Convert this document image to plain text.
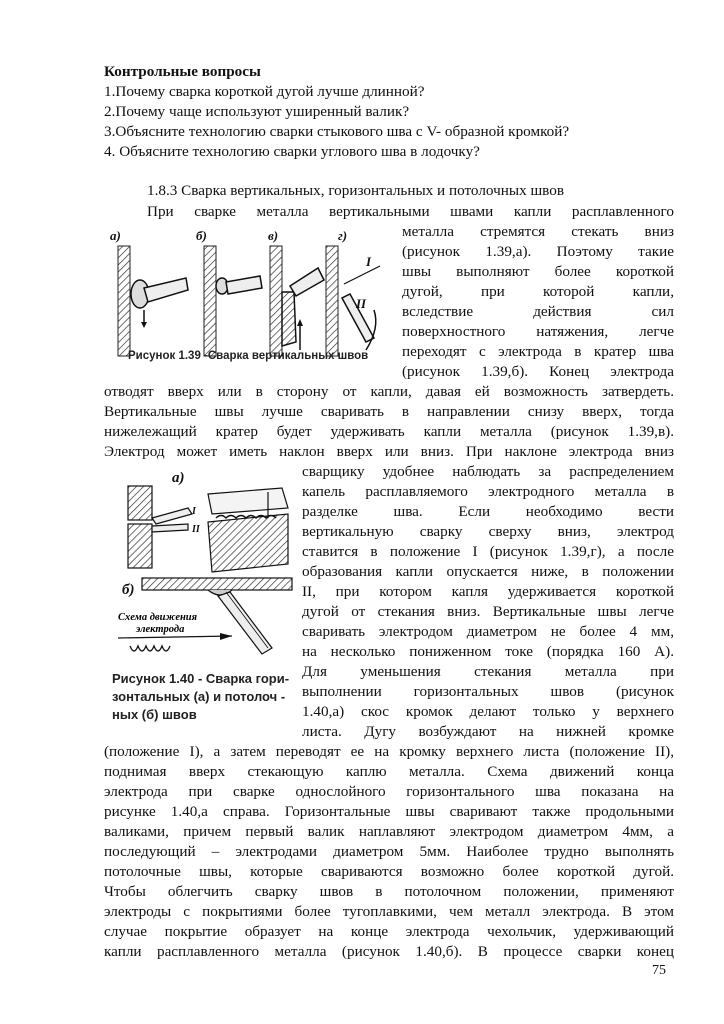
Контрольные вопросы
1.Почему сварка короткой дугой лучше длинной?
2.Почему чаще используют уширенный валик?
3.Объясните технологию сварки стыкового шва с V- образной кромкой?
4. Объясните технологию сварки углового шва в лодочку?
1.8.3 Сварка вертикальных, горизонтальных и потолочных швов
а)	б)	в)	г)
I
II
Рисунок 1.39 -Сварка вертикальных швов
При сварке металла вертикальными швами капли расплавленного
металла стремятся стекать вниз
(рисунок 1.39,а). Поэтому такие
швы выполняют более короткой
дугой, при которой капли,
вследствие действия сил
поверхностного натяжения, легче
переходят с электрода в кратер шва
(рисунок 1.39,б). Конец электрода
отводят вверх или в сторону от капли, давая ей возможность затвердеть.
Вертикальные швы лучше сваривать в направлении снизу вверх, тогда
нижележащий кратер будет удерживать капли металла (рисунок 1.39,в).
Электрод может иметь наклон вверх или вниз. При наклоне электрода вниз
сварщику удобнее наблюдать за распределением
капель расплавляемого электродного металла в
разделке шва. Если необходимо вести
вертикальную сварку сверху вниз, электрод
ставится в положение I (рисунок 1.39,г), а после
образования капли опускается ниже, в положении
II, при котором капля удерживается короткой
дугой от стекания вниз. Вертикальные швы легче
сваривать электродом диаметром не более 4 мм,
на несколько пониженном токе (порядка 160 А).
Для уменьшения стекания металла при
выполнении горизонтальных швов (рисунок
1.40,а) скос кромок делают только у верхнего
листа. Дугу возбуждают на нижней кромке
(положение I), а затем переводят ее на кромку верхнего листа (положение II),
поднимая вверх стекающую каплю металла. Схема движений конца
электрода при сварке однослойного горизонтального шва показана на
рисунке 1.40,а справа. Горизонтальные швы сваривают также продольными
валиками, причем первый валик наплавляют электродом диаметром 4мм, а
последующий – электродами диаметром 5мм. Наиболее трудно выполнять
потолочные швы, которые свариваются возможно более короткой дугой.
Чтобы облегчить сварку швов в потолочном положении, применяют
электроды с покрытиями более тугоплавкими, чем металл электрода. В этом
случае покрытие образует на конце электрода чехольчик, удерживающий
капли расплавленного металла (рисунок 1.40,б). В процессе сварки конец
а)
I
II
б)
Схема движения
электрода
Рисунок 1.40 - Сварка гори-
зонтальных (а) и потолоч -
ных (б) швов
75
